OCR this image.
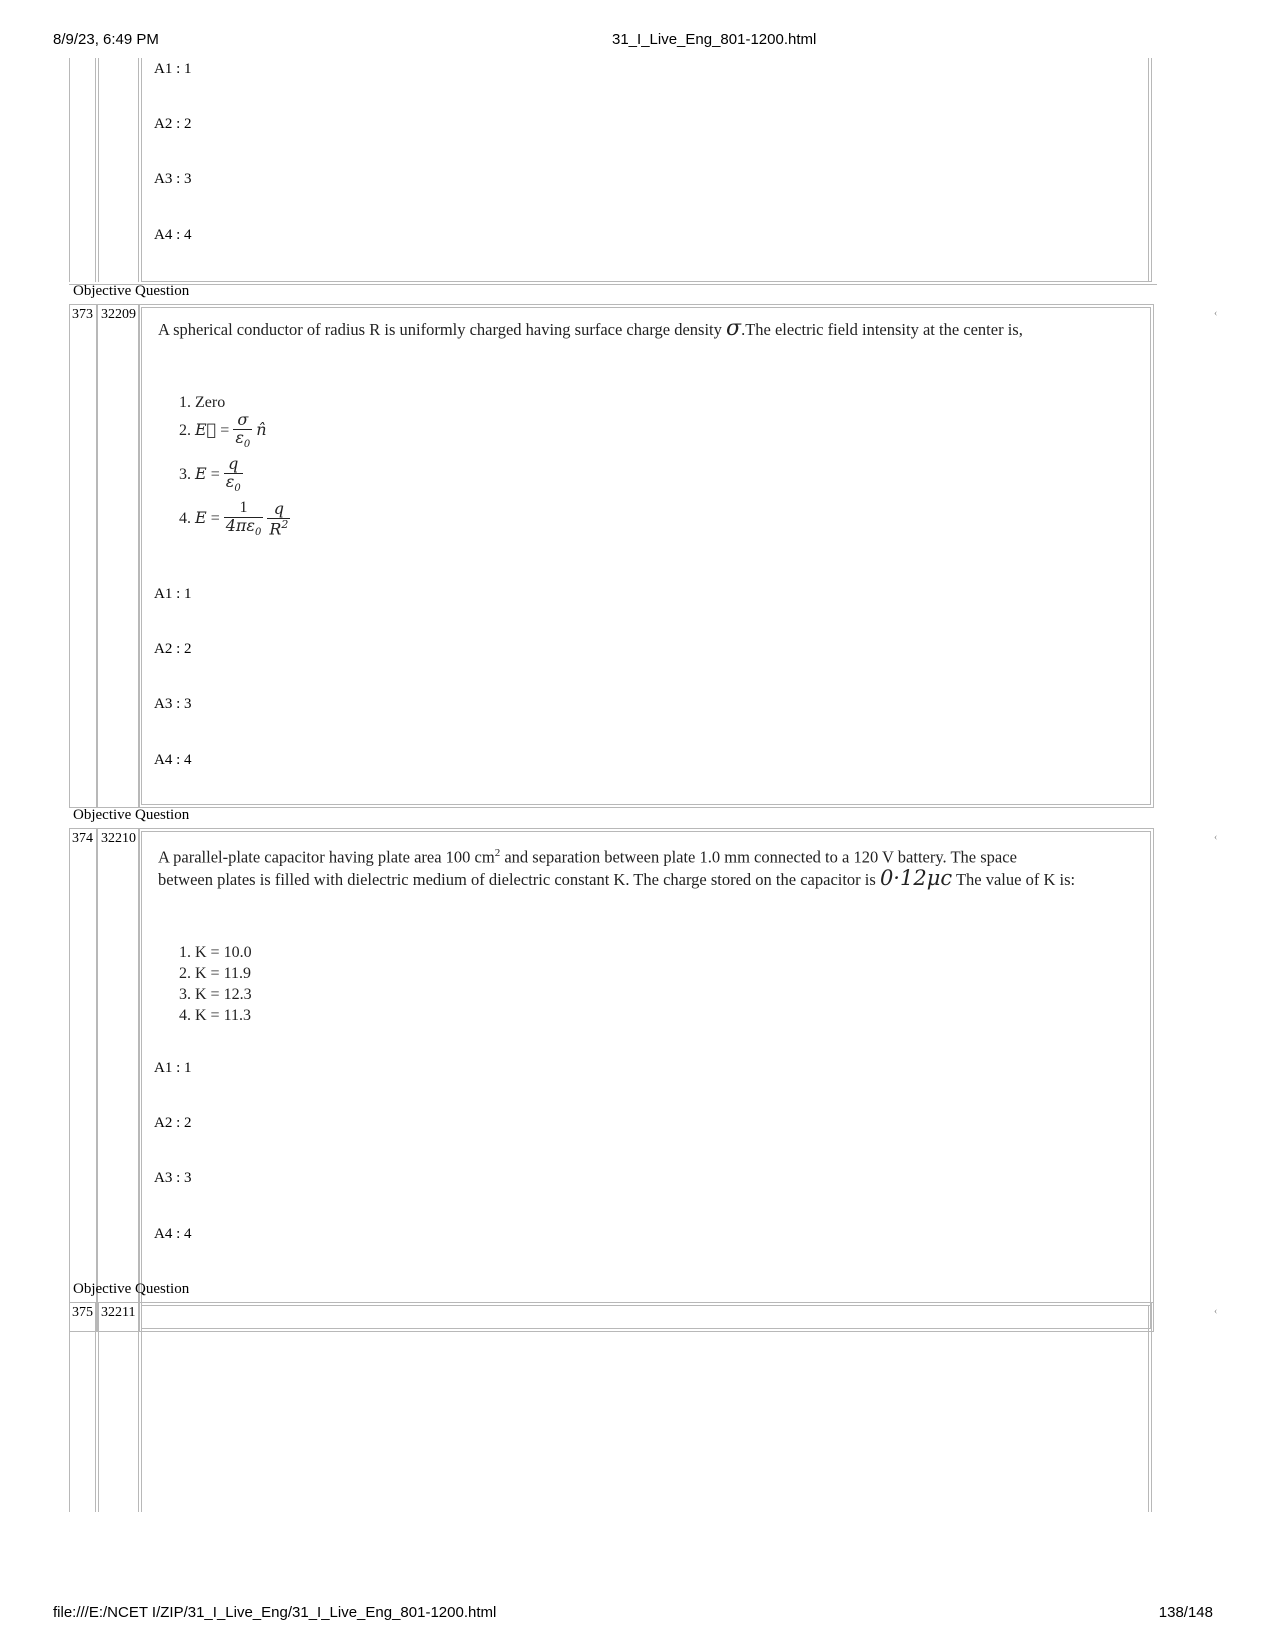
8/9/23, 6:49 PM	31_I_Live_Eng_801-1200.html
file:///E:/NCET I/ZIP/31_I_Live_Eng/31_I_Live_Eng_801-1200.html	138/148
A1 : 1
A2 : 2
A3 : 3
A4 : 4
Objective Question
373 32209	‹
A spherical conductor of radius R is uniformly charged having surface charge density σ.The electric field intensity at the center is,
1. Zero
2. E⃗ = $\frac{\sigma}{\varepsilon_0}$ n̂
3. $E = \frac{q}{\varepsilon_0}$
4. $E = \frac{1}{4\pi\varepsilon_0}$
$\frac{q}{R^2}$
A1 : 1
A2 : 2
A3 : 3
A4 : 4
Objective Question
374 32210	‹
A parallel-plate capacitor having plate area 100 $cm^2$ and separation between plate 1.0 mm connected to a 120 V battery. The space
between plates is filled with dielectric medium of dielectric constant K. The charge stored on the capacitor is 0·12μc The value of K is:
1. K = 10.0
2. K = 11.9
3. K = 12.3
4. K = 11.3
A1 : 1
A2 : 2
A3 : 3
A4 : 4
Objective Question
375 32211	‹
